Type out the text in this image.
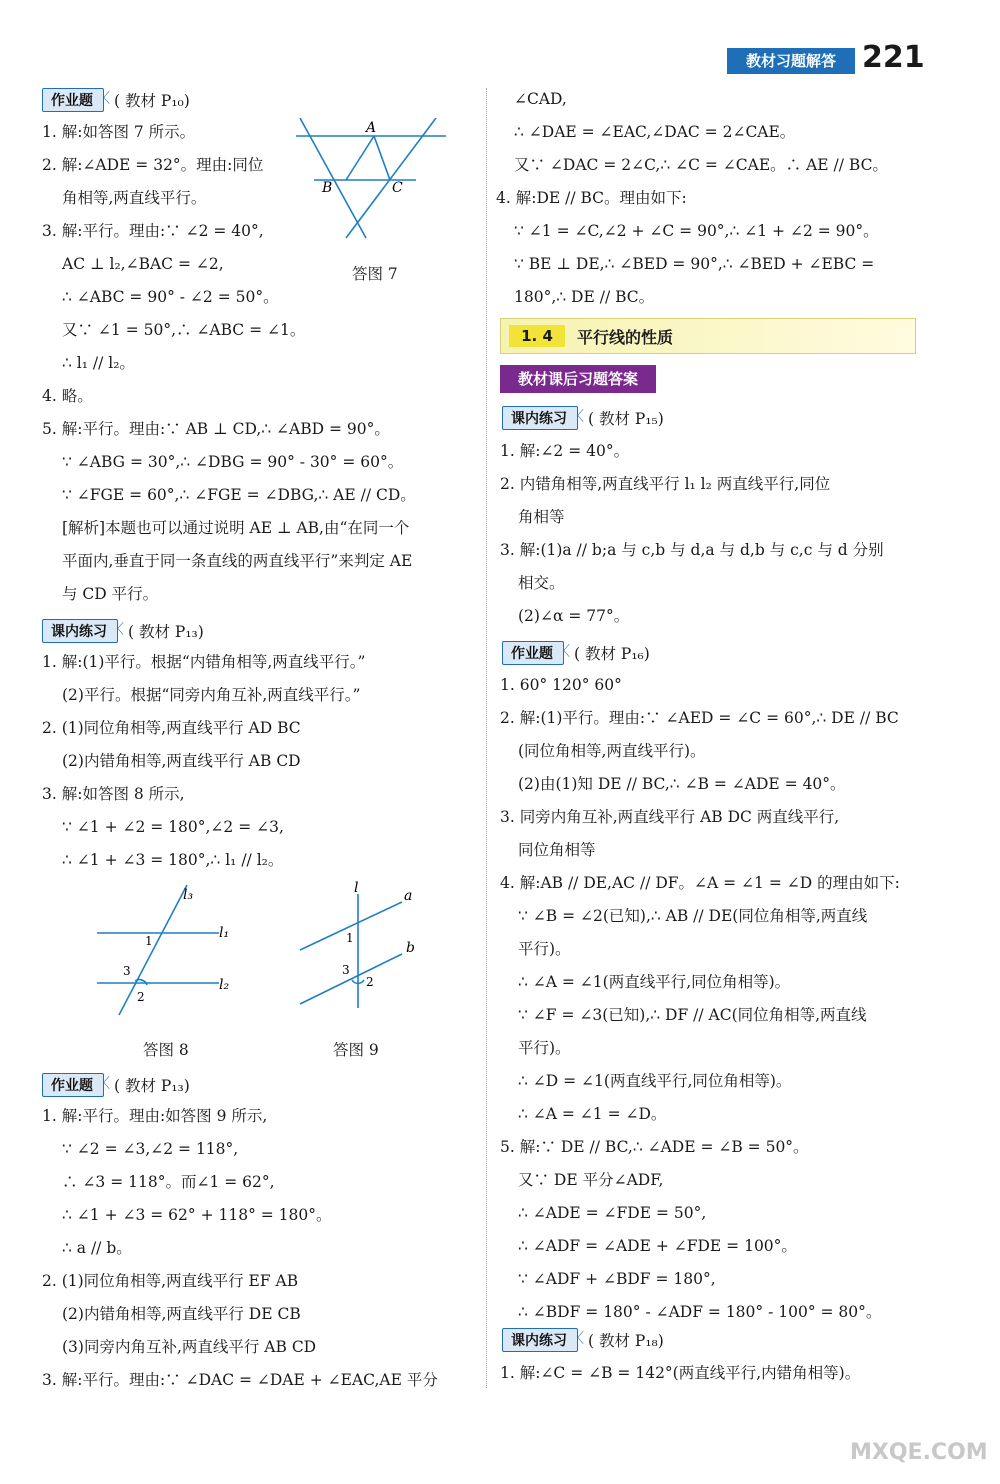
教材习题解答 221
作业题 〈	( 教材 P₁₀)
1. 解:如答图 7 所示。
2. 解:∠ADE = 32°。理由:同位
角相等,两直线平行。
3. 解:平行。理由:∵ ∠2 = 40°,
AC ⊥ l₂,∠BAC = ∠2,
∴ ∠ABC = 90° - ∠2 = 50°。
又∵ ∠1 = 50°,∴ ∠ABC = ∠1。
∴ l₁ // l₂。
4. 略。
5. 解:平行。理由:∵ AB ⊥ CD,∴ ∠ABD = 90°。
∵ ∠ABG = 30°,∴ ∠DBG = 90° - 30° = 60°。
∵ ∠FGE = 60°,∴ ∠FGE = ∠DBG,∴ AE // CD。
[解析]本题也可以通过说明 AE ⊥ AB,由“在同一个
平面内,垂直于同一条直线的两直线平行”来判定 AE
与 CD 平行。
课内练习 〈	( 教材 P₁₃)
1. 解:(1)平行。根据“内错角相等,两直线平行。”
(2)平行。根据“同旁内角互补,两直线平行。”
2. (1)同位角相等,两直线平行 AD BC
(2)内错角相等,两直线平行 AB CD
3. 解:如答图 8 所示,
∵ ∠1 + ∠2 = 180°,∠2 = ∠3,
∴ ∠1 + ∠3 = 180°,∴ l₁ // l₂。
作业题 〈	( 教材 P₁₃)
1. 解:平行。理由:如答图 9 所示,
∵ ∠2 = ∠3,∠2 = 118°,
∴ ∠3 = 118°。而∠1 = 62°,
∴ ∠1 + ∠3 = 62° + 118° = 180°。
∴ a // b。
2. (1)同位角相等,两直线平行 EF AB
(2)内错角相等,两直线平行 DE CB
(3)同旁内角互补,两直线平行 AB CD
3. 解:平行。理由:∵ ∠DAC = ∠DAE + ∠EAC,AE 平分
∠CAD,
∴ ∠DAE = ∠EAC,∠DAC = 2∠CAE。
又∵ ∠DAC = 2∠C,∴ ∠C = ∠CAE。∴ AE // BC。
4. 解:DE // BC。理由如下:
∵ ∠1 = ∠C,∠2 + ∠C = 90°,∴ ∠1 + ∠2 = 90°。
∵ BE ⊥ DE,∴ ∠BED = 90°,∴ ∠BED + ∠EBC =
180°,∴ DE // BC。
课内练习 〈	( 教材 P₁₅)
1. 解:∠2 = 40°。
2. 内错角相等,两直线平行 l₁ l₂ 两直线平行,同位
角相等
3. 解:(1)a // b;a 与 c,b 与 d,a 与 d,b 与 c,c 与 d 分别
相交。
(2)∠α = 77°。
作业题 〈	( 教材 P₁₆)
1. 60° 120° 60°
2. 解:(1)平行。理由:∵ ∠AED = ∠C = 60°,∴ DE // BC
(同位角相等,两直线平行)。
(2)由(1)知 DE // BC,∴ ∠B = ∠ADE = 40°。
3. 同旁内角互补,两直线平行 AB DC 两直线平行,
同位角相等
4. 解:AB // DE,AC // DF。∠A = ∠1 = ∠D 的理由如下:
∵ ∠B = ∠2(已知),∴ AB // DE(同位角相等,两直线
平行)。
∴ ∠A = ∠1(两直线平行,同位角相等)。
∵ ∠F = ∠3(已知),∴ DF // AC(同位角相等,两直线
平行)。
∴ ∠D = ∠1(两直线平行,同位角相等)。
∴ ∠A = ∠1 = ∠D。
5. 解:∵ DE // BC,∴ ∠ADE = ∠B = 50°。
又∵ DE 平分∠ADF,
∴ ∠ADE = ∠FDE = 50°,
∴ ∠ADF = ∠ADE + ∠FDE = 100°。
∵ ∠ADF + ∠BDF = 180°,
∴ ∠BDF = 180° - ∠ADF = 180° - 100° = 80°。
课内练习 〈	( 教材 P₁₈)
1. 解:∠C = ∠B = 142°(两直线平行,内错角相等)。
1. 4	平行线的性质
教材课后习题答案
A
B	C
答图 7
l₃
l₁
l₂
1
2
3
答图 8
l	a
b
1
2
3
答图 9
MXQE.COM
